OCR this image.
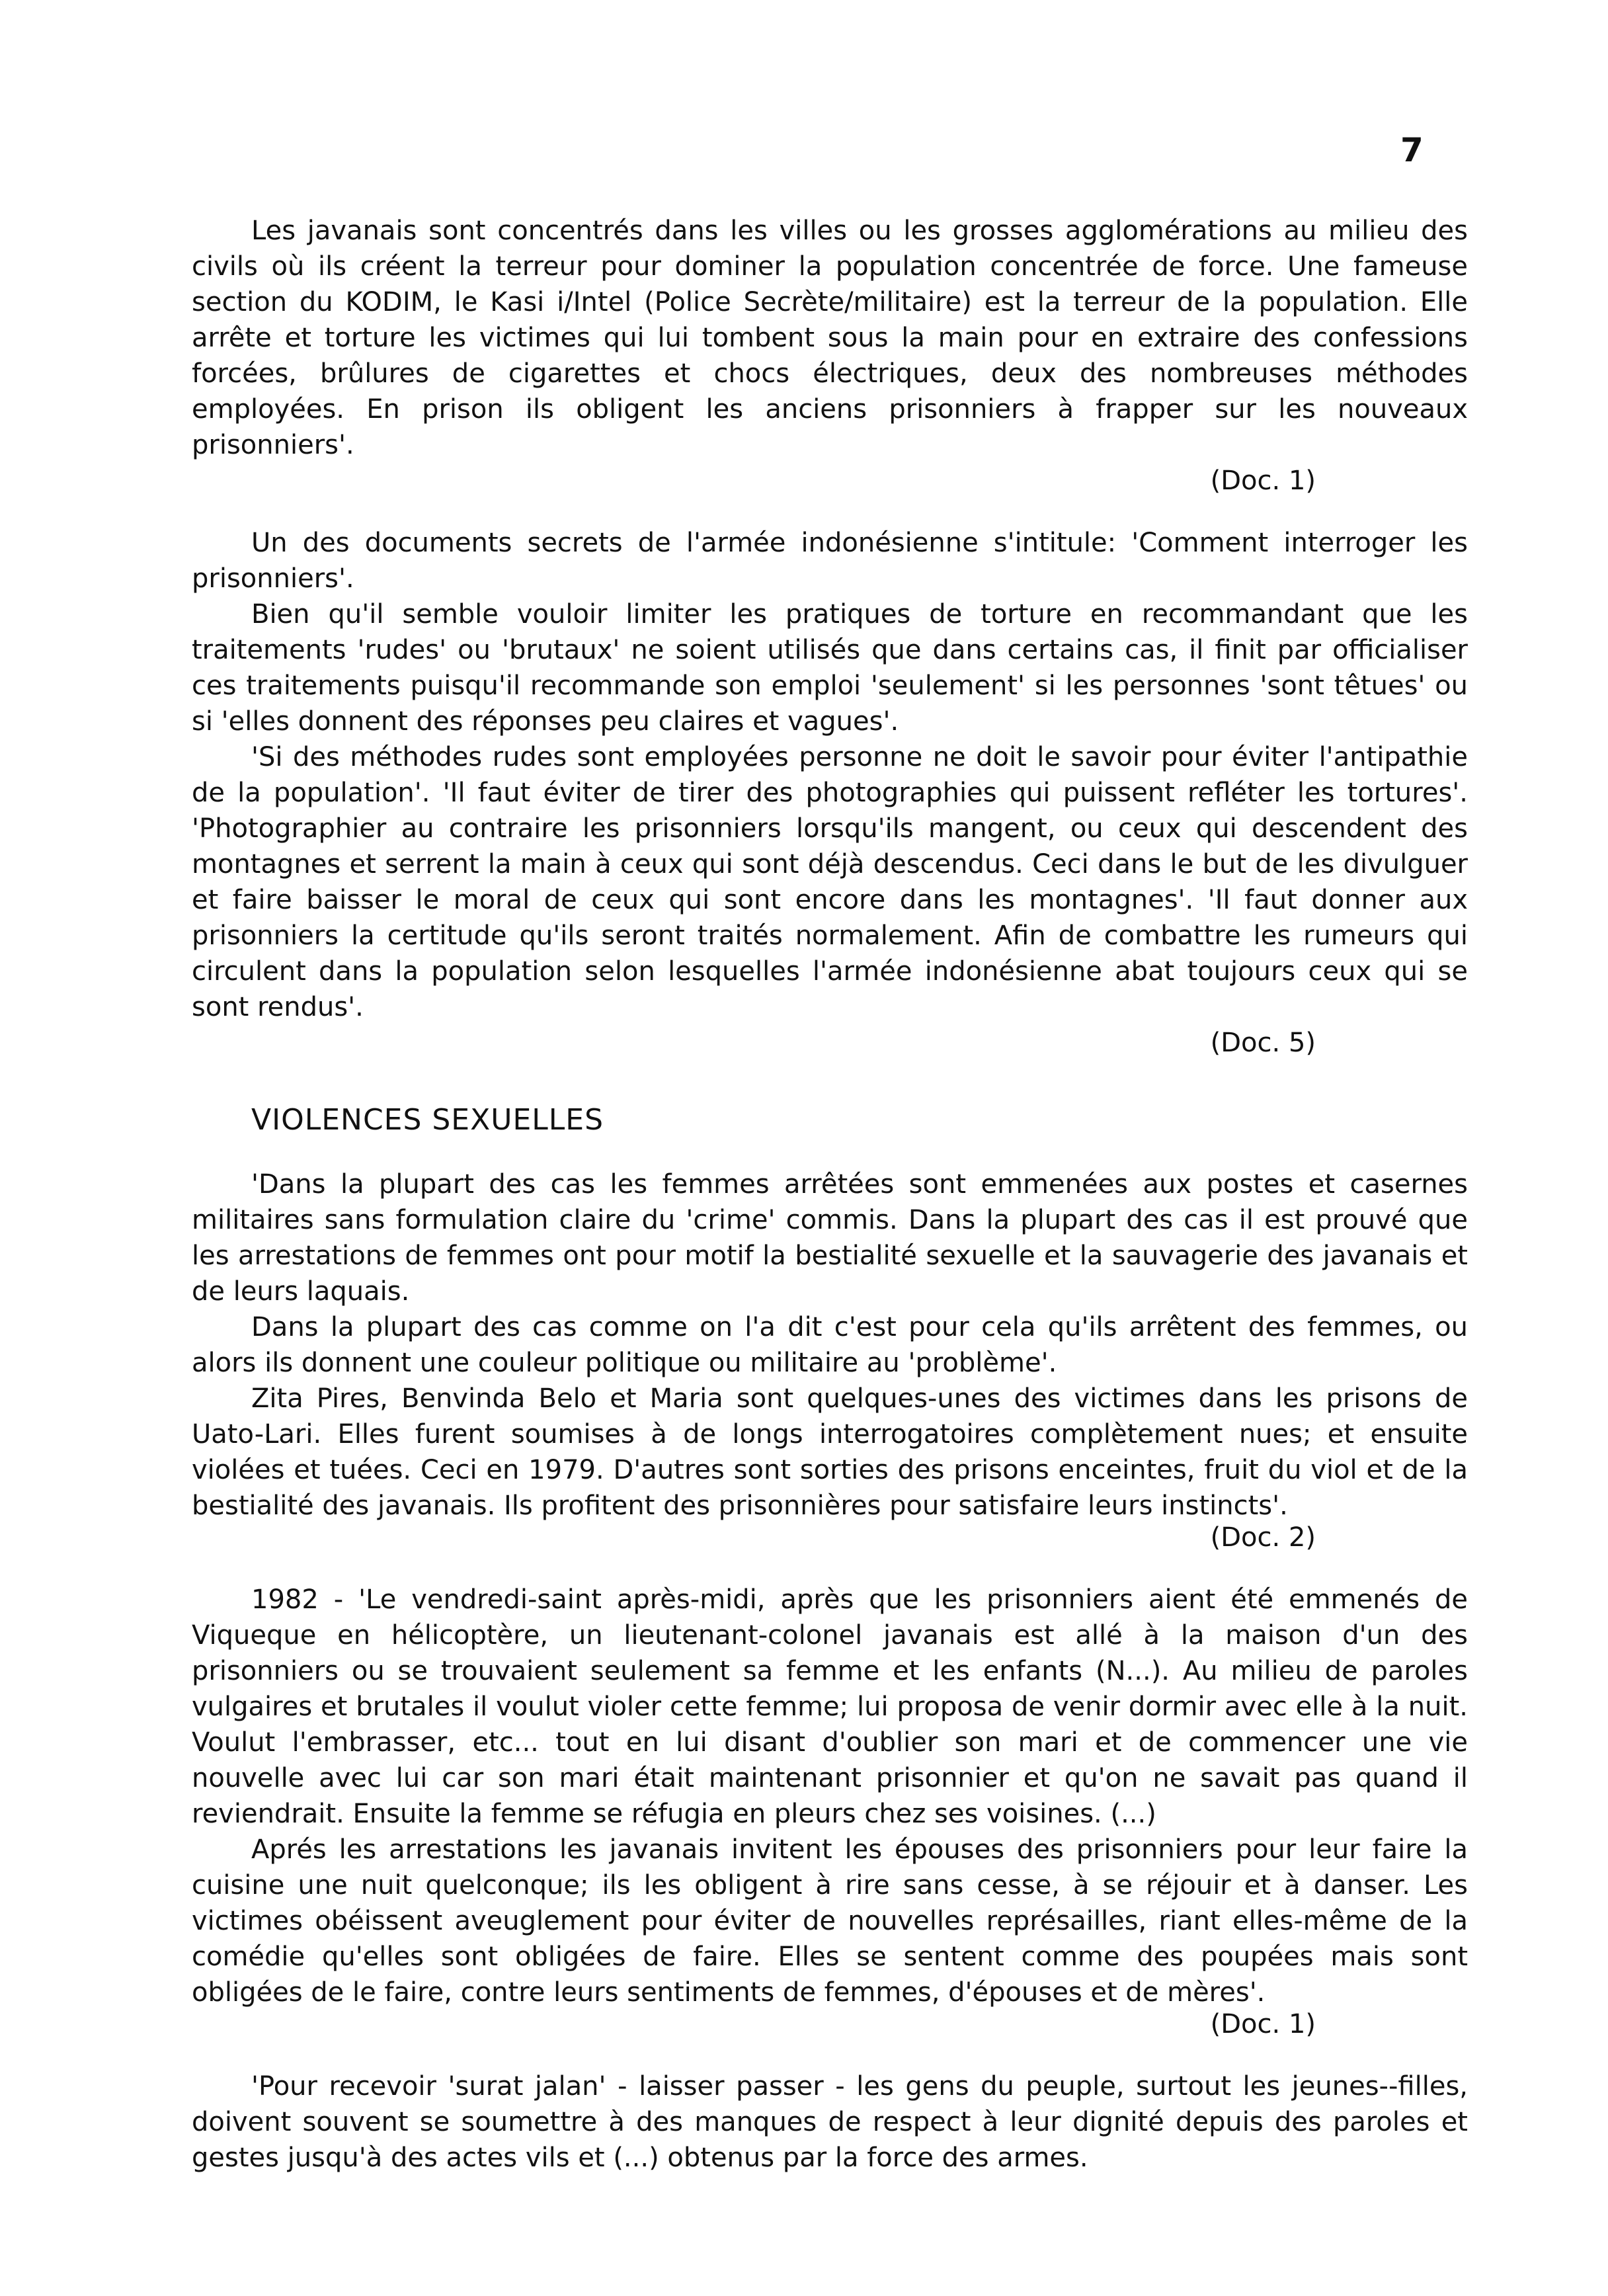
7

Les javanais sont concentrés dans les villes ou les grosses agglomérations au milieu des civils où ils créent la terreur pour dominer la population concentrée de force. Une fameuse section du KODIM, le Kasi i/Intel (Police Secrète/militaire) est la terreur de la population. Elle arrête et torture les victimes qui lui tombent sous la main pour en extraire des confessions forcées, brûlures de cigarettes et chocs électriques, deux des nombreuses méthodes employées. En prison ils obligent les anciens prisonniers à frapper sur les nouveaux prisonniers'.

(Doc. 1)

Un des documents secrets de l'armée indonésienne s'intitule: 'Comment interroger les prisonniers'.

Bien qu'il semble vouloir limiter les pratiques de torture en recommandant que les traitements 'rudes' ou 'brutaux' ne soient utilisés que dans certains cas, il finit par officialiser ces traitements puisqu'il recommande son emploi 'seulement' si les personnes 'sont têtues' ou si 'elles donnent des réponses peu claires et vagues'.

'Si des méthodes rudes sont employées personne ne doit le savoir pour éviter l'antipathie de la population'. 'Il faut éviter de tirer des photographies qui puissent refléter les tortures'. 'Photographier au contraire les prisonniers lorsqu'ils mangent, ou ceux qui descendent des montagnes et serrent la main à ceux qui sont déjà descendus. Ceci dans le but de les divulguer et faire baisser le moral de ceux qui sont encore dans les montagnes'. 'Il faut donner aux prisonniers la certitude qu'ils seront traités normalement. Afin de combattre les rumeurs qui circulent dans la population selon lesquelles l'armée indonésienne abat toujours ceux qui se sont rendus'.

(Doc. 5)

VIOLENCES SEXUELLES

'Dans la plupart des cas les femmes arrêtées sont emmenées aux postes et casernes militaires sans formulation claire du 'crime' commis. Dans la plupart des cas il est prouvé que les arrestations de femmes ont pour motif la bestialité sexuelle et la sauvagerie des javanais et de leurs laquais.

Dans la plupart des cas comme on l'a dit c'est pour cela qu'ils arrêtent des femmes, ou alors ils donnent une couleur politique ou militaire au 'problème'.

Zita Pires, Benvinda Belo et Maria sont quelques-unes des victimes dans les prisons de Uato-Lari. Elles furent soumises à de longs interrogatoires complètement nues; et ensuite violées et tuées. Ceci en 1979. D'autres sont sorties des prisons enceintes, fruit du viol et de la bestialité des javanais. Ils profitent des prisonnières pour satisfaire leurs instincts'.

(Doc. 2)

1982 - 'Le vendredi-saint après-midi, après que les prisonniers aient été emmenés de Viqueque en hélicoptère, un lieutenant-colonel javanais est allé à la maison d'un des prisonniers ou se trouvaient seulement sa femme et les enfants (N...). Au milieu de paroles vulgaires et brutales il voulut violer cette femme; lui proposa de venir dormir avec elle à la nuit. Voulut l'embrasser, etc... tout en lui disant d'oublier son mari et de commencer une vie nouvelle avec lui car son mari était maintenant prisonnier et qu'on ne savait pas quand il reviendrait. Ensuite la femme se réfugia en pleurs chez ses voisines. (...)

Aprés les arrestations les javanais invitent les épouses des prisonniers pour leur faire la cuisine une nuit quelconque; ils les obligent à rire sans cesse, à se réjouir et à danser. Les victimes obéissent aveuglement pour éviter de nouvelles représailles, riant elles-même de la comédie qu'elles sont obligées de faire. Elles se sentent comme des poupées mais sont obligées de le faire, contre leurs sentiments de femmes, d'épouses et de mères'.

(Doc. 1)

'Pour recevoir 'surat jalan' - laisser passer - les gens du peuple, surtout les jeunes--filles, doivent souvent se soumettre à des manques de respect à leur dignité depuis des paroles et gestes jusqu'à des actes vils et (...) obtenus par la force des armes.
